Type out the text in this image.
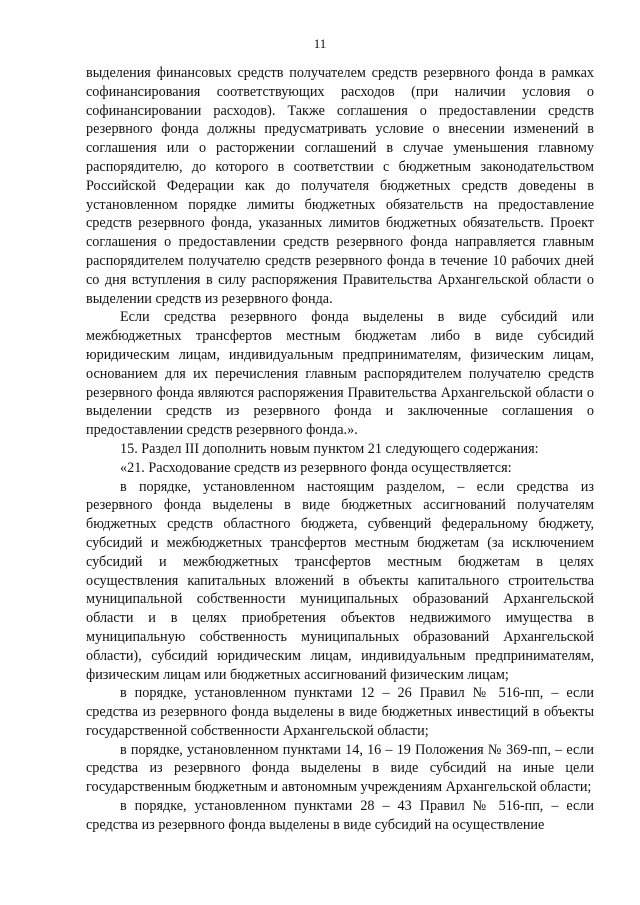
11

выделения финансовых средств получателем средств резервного фонда в рамках софинансирования соответствующих расходов (при наличии условия о софинансировании расходов). Также соглашения о предоставлении средств резервного фонда должны предусматривать условие о внесении изменений в соглашения или о расторжении соглашений в случае уменьшения главному распорядителю, до которого в соответствии с бюджетным законодательством Российской Федерации как до получателя бюджетных средств доведены в установленном порядке лимиты бюджетных обязательств на предоставление средств резервного фонда, указанных лимитов бюджетных обязательств. Проект соглашения о предоставлении средств резервного фонда направляется главным распорядителем получателю средств резервного фонда в течение 10 рабочих дней со дня вступления в силу распоряжения Правительства Архангельской области о выделении средств из резервного фонда.

Если средства резервного фонда выделены в виде субсидий или межбюджетных трансфертов местным бюджетам либо в виде субсидий юридическим лицам, индивидуальным предпринимателям, физическим лицам, основанием для их перечисления главным распорядителем получателю средств резервного фонда являются распоряжения Правительства Архангельской области о выделении средств из резервного фонда и заключенные соглашения о предоставлении средств резервного фонда.».

15. Раздел III дополнить новым пунктом 21 следующего содержания:

«21. Расходование средств из резервного фонда осуществляется:

в порядке, установленном настоящим разделом, – если средства из резервного фонда выделены в виде бюджетных ассигнований получателям бюджетных средств областного бюджета, субвенций федеральному бюджету, субсидий и межбюджетных трансфертов местным бюджетам (за исключением субсидий и межбюджетных трансфертов местным бюджетам в целях осуществления капитальных вложений в объекты капитального строительства муниципальной собственности муниципальных образований Архангельской области и в целях приобретения объектов недвижимого имущества в муниципальную собственность муниципальных образований Архангельской области), субсидий юридическим лицам, индивидуальным предпринимателям, физическим лицам или бюджетных ассигнований физическим лицам;

в порядке, установленном пунктами 12 – 26 Правил № 516-пп, – если средства из резервного фонда выделены в виде бюджетных инвестиций в объекты государственной собственности Архангельской области;

в порядке, установленном пунктами 14, 16 – 19 Положения № 369-пп, – если средства из резервного фонда выделены в виде субсидий на иные цели государственным бюджетным и автономным учреждениям Архангельской области;

в порядке, установленном пунктами 28 – 43 Правил № 516-пп, – если средства из резервного фонда выделены в виде субсидий на осуществление
